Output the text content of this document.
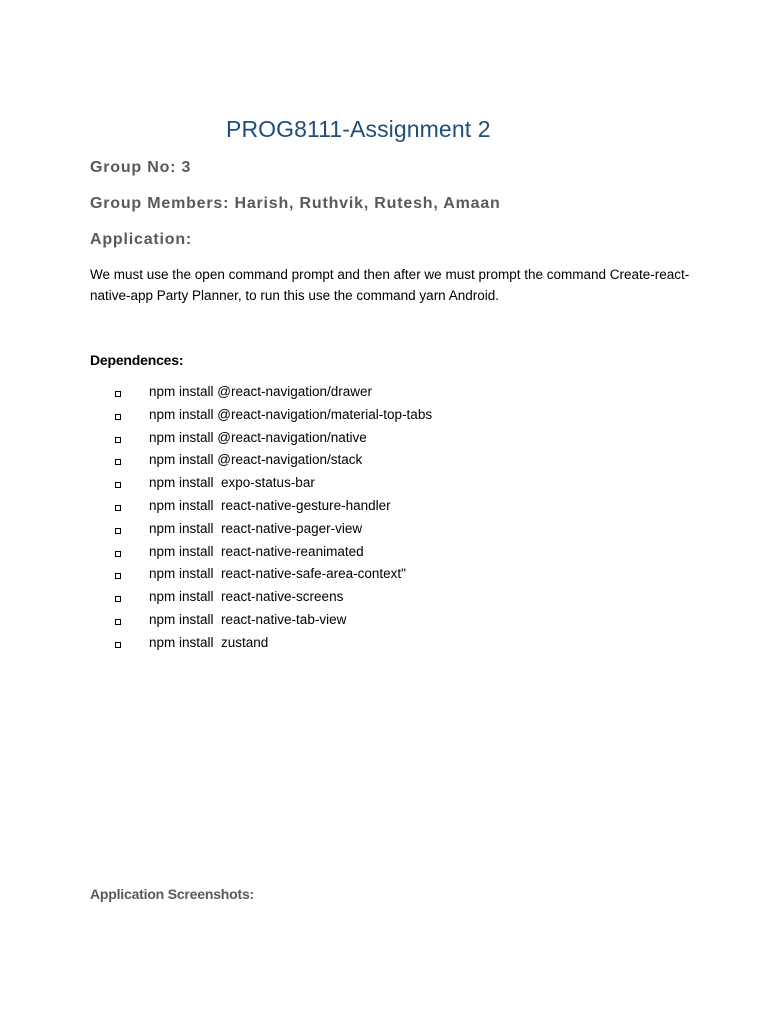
PROG8111-Assignment 2
Group No: 3
Group Members: Harish, Ruthvik, Rutesh, Amaan
Application:
We must use the open command prompt and then after we must prompt the command Create-react-native-app Party Planner, to run this use the command yarn Android.
Dependences:
npm install @react-navigation/drawer
npm install @react-navigation/material-top-tabs
npm install @react-navigation/native
npm install @react-navigation/stack
npm install  expo-status-bar
npm install  react-native-gesture-handler
npm install  react-native-pager-view
npm install  react-native-reanimated
npm install  react-native-safe-area-context"
npm install  react-native-screens
npm install  react-native-tab-view
npm install  zustand
Application Screenshots:
